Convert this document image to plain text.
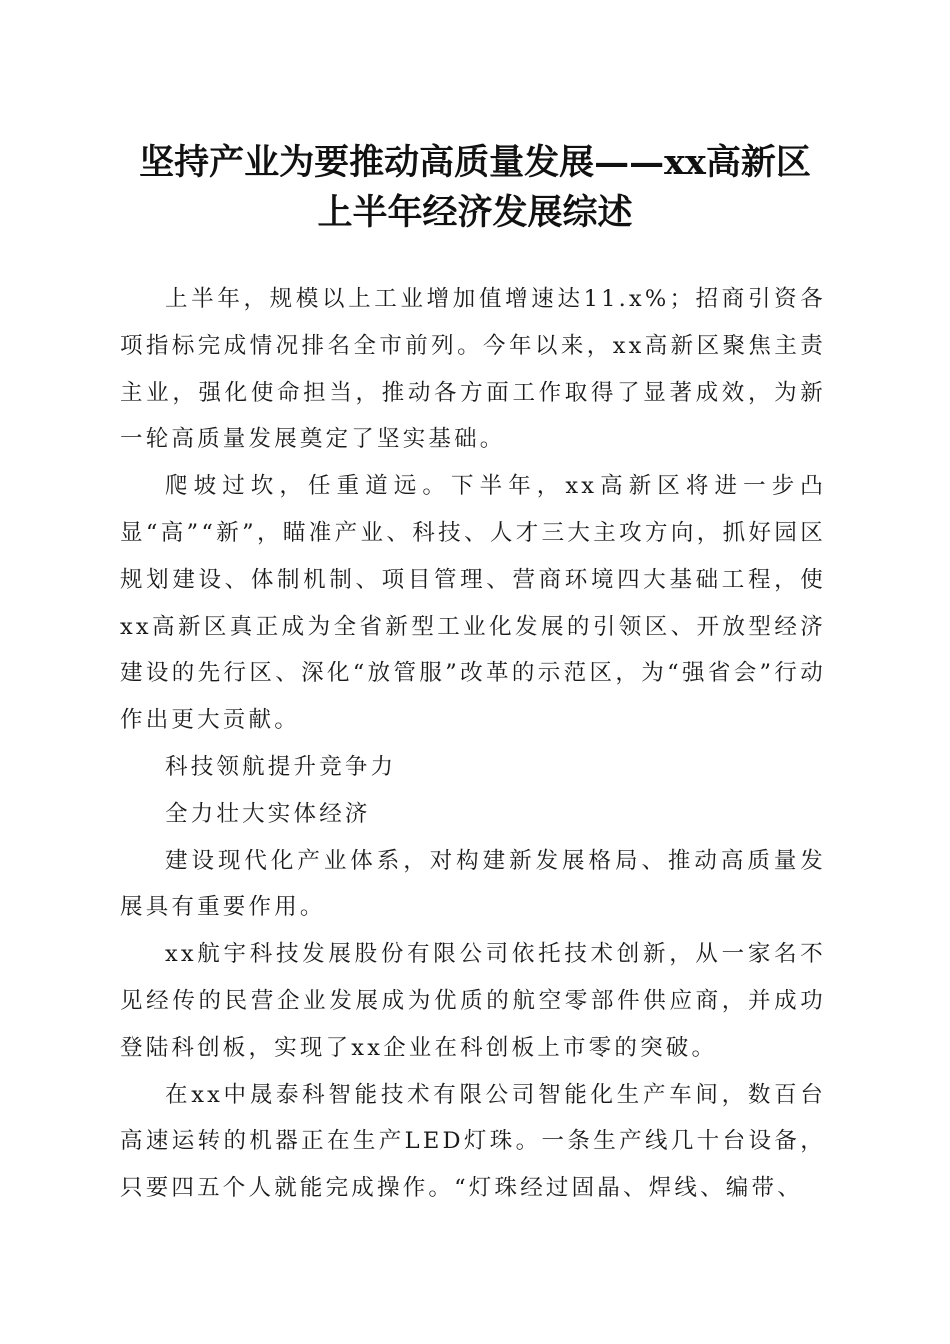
坚持产业为要推动高质量发展——xx高新区
上半年经济发展综述

上半年，规模以上工业增加值增速达11.x%；招商引资各项指标完成情况排名全市前列。今年以来，xx高新区聚焦主责主业，强化使命担当，推动各方面工作取得了显著成效，为新一轮高质量发展奠定了坚实基础。

爬坡过坎，任重道远。下半年，xx高新区将进一步凸显“高”“新”，瞄准产业、科技、人才三大主攻方向，抓好园区规划建设、体制机制、项目管理、营商环境四大基础工程，使xx高新区真正成为全省新型工业化发展的引领区、开放型经济建设的先行区、深化“放管服”改革的示范区，为“强省会”行动作出更大贡献。

科技领航提升竞争力

全力壮大实体经济

建设现代化产业体系，对构建新发展格局、推动高质量发展具有重要作用。

xx航宇科技发展股份有限公司依托技术创新，从一家名不见经传的民营企业发展成为优质的航空零部件供应商，并成功登陆科创板，实现了xx企业在科创板上市零的突破。

在xx中晟泰科智能技术有限公司智能化生产车间，数百台高速运转的机器正在生产LED灯珠。一条生产线几十台设备，只要四五个人就能完成操作。“灯珠经过固晶、焊线、编带、
